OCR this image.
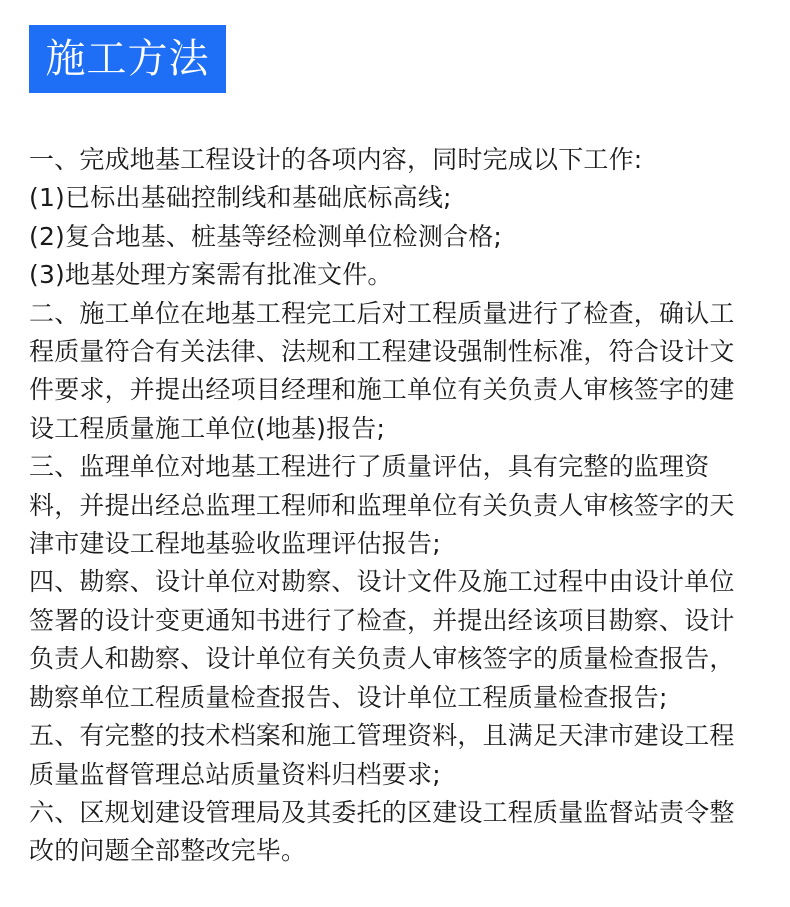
施工方法
一、完成地基工程设计的各项内容，同时完成以下工作:
(1)已标出基础控制线和基础底标高线;
(2)复合地基、桩基等经检测单位检测合格;
(3)地基处理方案需有批准文件。
二、施工单位在地基工程完工后对工程质量进行了检查，确认工
程质量符合有关法律、法规和工程建设强制性标准，符合设计文
件要求，并提出经项目经理和施工单位有关负责人审核签字的建
设工程质量施工单位(地基)报告;
三、监理单位对地基工程进行了质量评估，具有完整的监理资
料，并提出经总监理工程师和监理单位有关负责人审核签字的天
津市建设工程地基验收监理评估报告;
四、勘察、设计单位对勘察、设计文件及施工过程中由设计单位
签署的设计变更通知书进行了检查，并提出经该项目勘察、设计
负责人和勘察、设计单位有关负责人审核签字的质量检查报告，
勘察单位工程质量检查报告、设计单位工程质量检查报告;
五、有完整的技术档案和施工管理资料，且满足天津市建设工程
质量监督管理总站质量资料归档要求;
六、区规划建设管理局及其委托的区建设工程质量监督站责令整
改的问题全部整改完毕。
